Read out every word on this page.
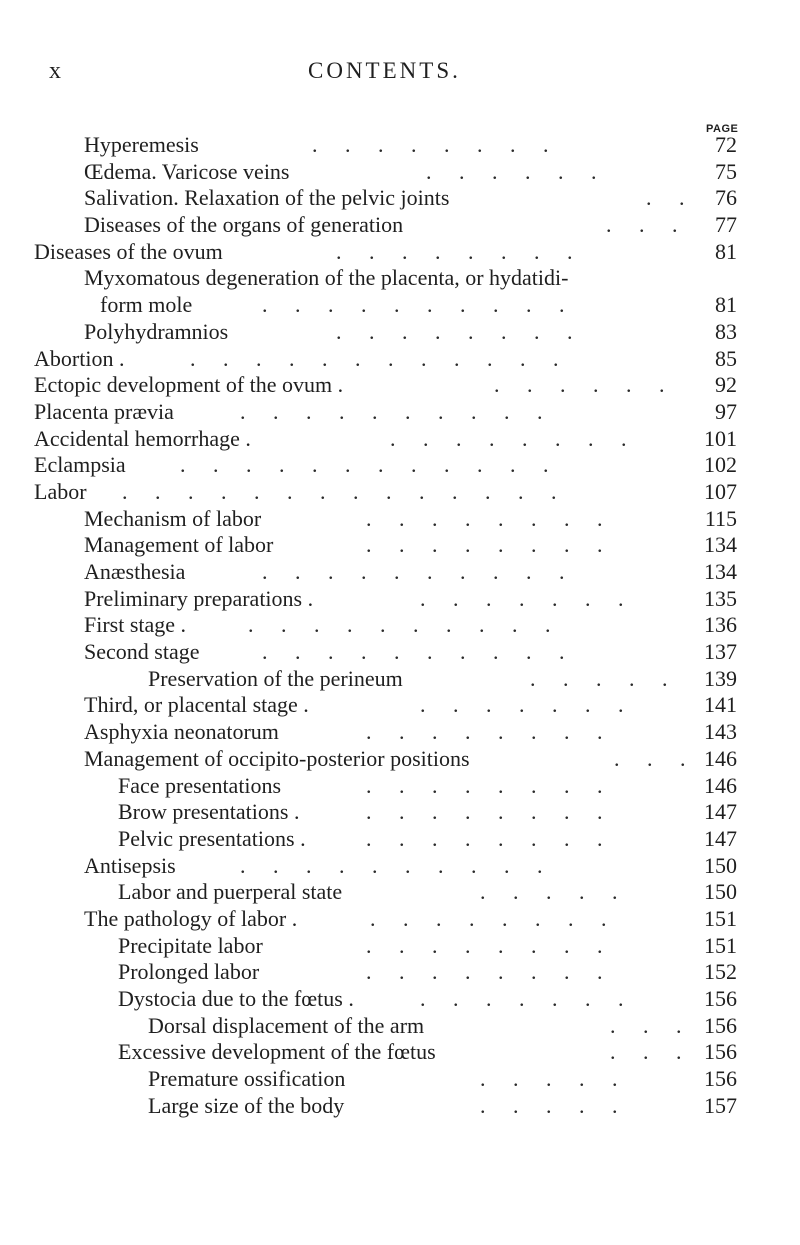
x	CONTENTS.
PAGE
Hyperemesis	. . . . . . . .	72
Œdema. Varicose veins	. . . . . .	75
Salivation. Relaxation of the pelvic joints	. . 76
Diseases of the organs of generation	. . . 77
Diseases of the ovum	. . . . . . . .	81
Myxomatous degeneration of the placenta, or hydatidi-
form mole	. . . . . . . . . .	81
Polyhydramnios	. . . . . . . .	83
Abortion .	. . . . . . . . . . . .	85
Ectopic development of the ovum .	. . . . . . 92
Placenta prævia	. . . . . . . . . .	97
Accidental hemorrhage .	. . . . . . . .	101
Eclampsia . . . . . . . . . . . .	102
Labor . . . . . . . . . . . . . .	107
Mechanism of labor	. . . . . . . .	115
Management of labor	. . . . . . . .	134
Anæsthesia	. . . . . . . . . .	134
Preliminary preparations .	. . . . . . .	135
First stage .	. . . . . . . . . .	136
Second stage	. . . . . . . . . .	137
Preservation of the perineum	. . . . . 139
Third, or placental stage .	. . . . . . .	141
Asphyxia neonatorum	. . . . . . . .	143
Management of occipito-posterior positions	. . . 146
Face presentations	. . . . . . . .	146
Brow presentations .	. . . . . . . .	147
Pelvic presentations .	. . . . . . . .	147
Antisepsis	. . . . . . . . . .	150
Labor and puerperal state	. . . . .	150
The pathology of labor .	. . . . . . . .	151
Precipitate labor	. . . . . . . .	151
Prolonged labor	. . . . . . . .	152
Dystocia due to the fœtus .	. . . . . . .	156
Dorsal displacement of the arm	. . . 156
Excessive development of the fœtus	. . . 156
Premature ossification	. . . . .	156
Large size of the body	. . . . .	157
